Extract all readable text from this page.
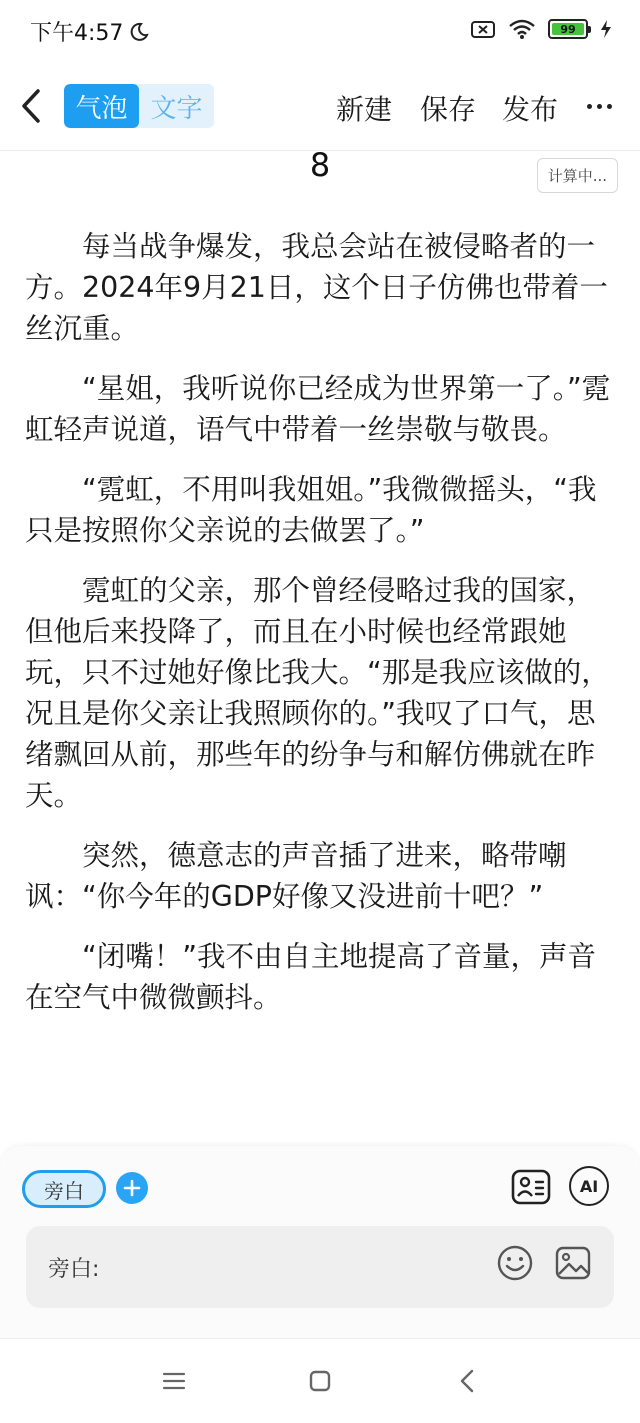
下午4:57	99
气泡 文字	新建 保存 发布
8	计算中...

每当战争爆发，我总会站在被侵略者的一方。2024年9月21日，这个日子仿佛也带着一丝沉重。

“星姐，我听说你已经成为世界第一了。”霓虹轻声说道，语气中带着一丝崇敬与敬畏。

“霓虹，不用叫我姐姐。”我微微摇头，“我只是按照你父亲说的去做罢了。”

霓虹的父亲，那个曾经侵略过我的国家，但他后来投降了，而且在小时候也经常跟她玩，只不过她好像比我大。“那是我应该做的，况且是你父亲让我照顾你的。”我叹了口气，思绪飘回从前，那些年的纷争与和解仿佛就在昨天。

突然，德意志的声音插了进来，略带嘲讽：“你今年的GDP好像又没进前十吧？”

“闭嘴！”我不由自主地提高了音量，声音在空气中微微颤抖。

旁白	AI
旁白:
